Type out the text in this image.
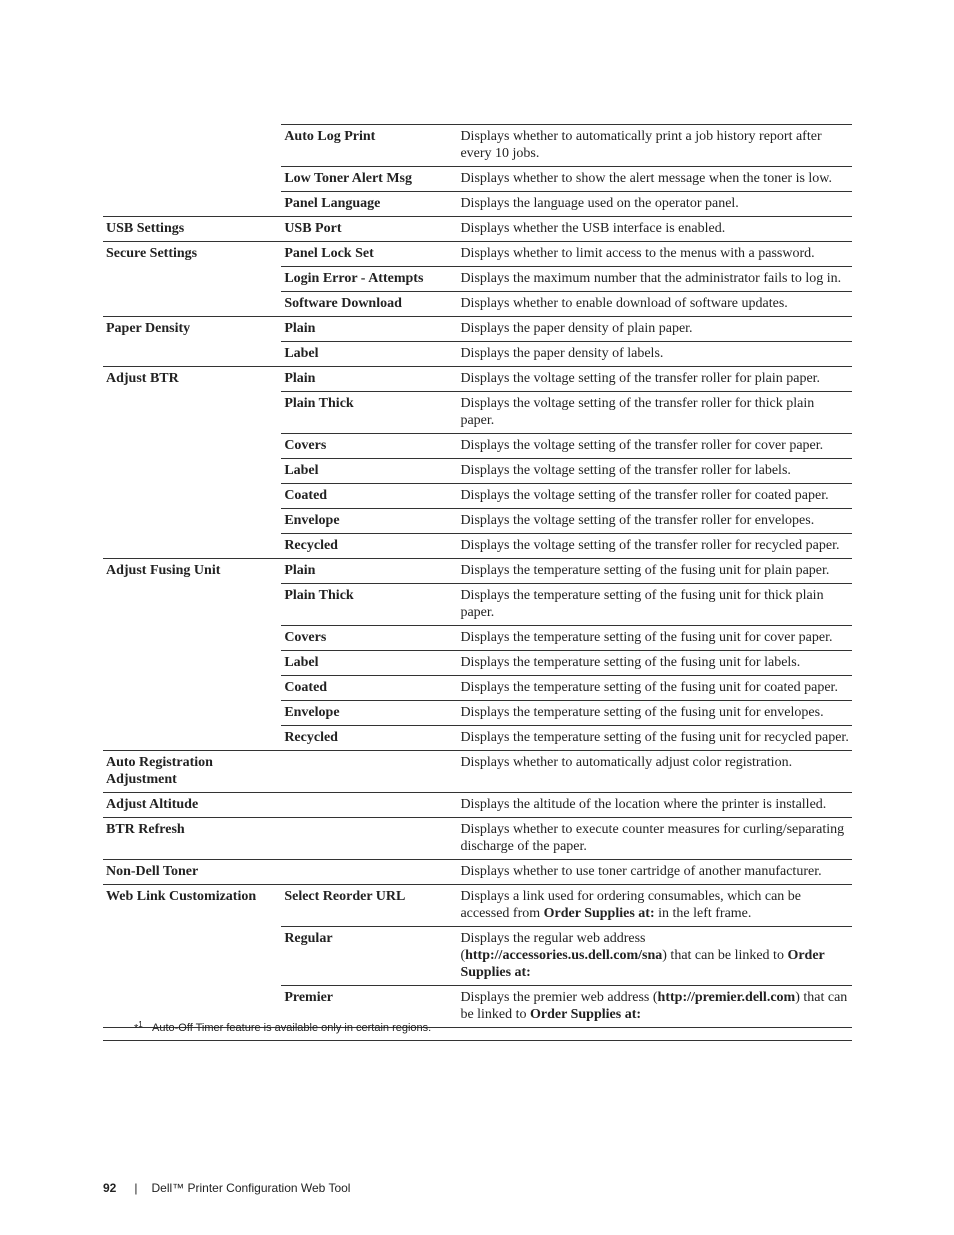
	Auto Log Print	Displays whether to automatically print a job history report after every 10 jobs.
	Low Toner Alert Msg	Displays whether to show the alert message when the toner is low.
	Panel Language	Displays the language used on the operator panel.
USB Settings	USB Port	Displays whether the USB interface is enabled.
Secure Settings	Panel Lock Set	Displays whether to limit access to the menus with a password.
	Login Error - Attempts	Displays the maximum number that the administrator fails to log in.
	Software Download	Displays whether to enable download of software updates.
Paper Density	Plain	Displays the paper density of plain paper.
	Label	Displays the paper density of labels.
Adjust BTR	Plain	Displays the voltage setting of the transfer roller for plain paper.
	Plain Thick	Displays the voltage setting of the transfer roller for thick plain paper.
	Covers	Displays the voltage setting of the transfer roller for cover paper.
	Label	Displays the voltage setting of the transfer roller for labels.
	Coated	Displays the voltage setting of the transfer roller for coated paper.
	Envelope	Displays the voltage setting of the transfer roller for envelopes.
	Recycled	Displays the voltage setting of the transfer roller for recycled paper.
Adjust Fusing Unit	Plain	Displays the temperature setting of the fusing unit for plain paper.
	Plain Thick	Displays the temperature setting of the fusing unit for thick plain paper.
	Covers	Displays the temperature setting of the fusing unit for cover paper.
	Label	Displays the temperature setting of the fusing unit for labels.
	Coated	Displays the temperature setting of the fusing unit for coated paper.
	Envelope	Displays the temperature setting of the fusing unit for envelopes.
	Recycled	Displays the temperature setting of the fusing unit for recycled paper.
Auto Registration Adjustment		Displays whether to automatically adjust color registration.
Adjust Altitude		Displays the altitude of the location where the printer is installed.
BTR Refresh		Displays whether to execute counter measures for curling/separating discharge of the paper.
Non-Dell Toner		Displays whether to use toner cartridge of another manufacturer.
Web Link Customization	Select Reorder URL	Displays a link used for ordering consumables, which can be accessed from Order Supplies at: in the left frame.
	Regular	Displays the regular web address (http://accessories.us.dell.com/sna) that can be linked to Order Supplies at:
	Premier	Displays the premier web address (http://premier.dell.com) that can be linked to Order Supplies at:
*$^1$ Auto-Off Timer feature is available only in certain regions.
92 | Dell™ Printer Configuration Web Tool
